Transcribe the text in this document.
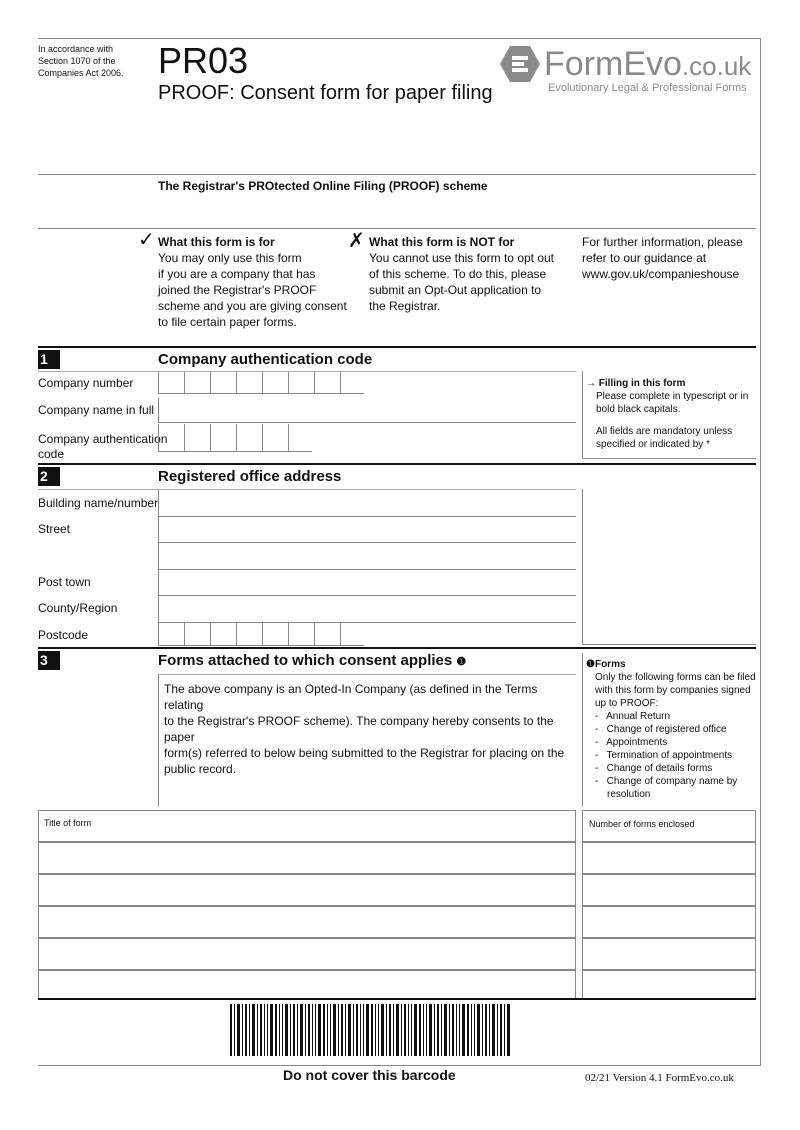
In accordance with
Section 1070 of the
Companies Act 2006. PR03
PROOF: Consent form for paper filing
FormEvo.co.uk
Evolutionary Legal & Professional Forms
The Registrar's PROtected Online Filing (PROOF) scheme
✓ What this form is for
You may only use this form
if you are a company that has
joined the Registrar's PROOF
scheme and you are giving consent
to file certain paper forms.
✗ What this form is NOT for
You cannot use this form to opt out
of this scheme. To do this, please
submit an Opt-Out application to
the Registrar.
For further information, please
refer to our guidance at
www.gov.uk/companieshouse
1	Company authentication code
Company number
Company name in full
Company authentication
code
→ Filling in this form
Please complete in typescript or in
bold black capitals.
All fields are mandatory unless
specified or indicated by *
2	Registered office address
Building name/number
Street
Post town
County/Region
Postcode
3	Forms attached to which consent applies ❶
The above company is an Opted-In Company (as defined in the Terms relating
to the Registrar's PROOF scheme). The company hereby consents to the paper
form(s) referred to below being submitted to the Registrar for placing on the
public record.
❶Forms
Only the following forms can be filed
with this form by companies signed
up to PROOF:
-   Annual Return
-   Change of registered office
-   Appointments
-   Termination of appointments
-   Change of details forms
-   Change of company name by
resolution
Title of form	Number of forms enclosed
Do not cover this barcode	02/21 Version 4.1 FormEvo.co.uk
